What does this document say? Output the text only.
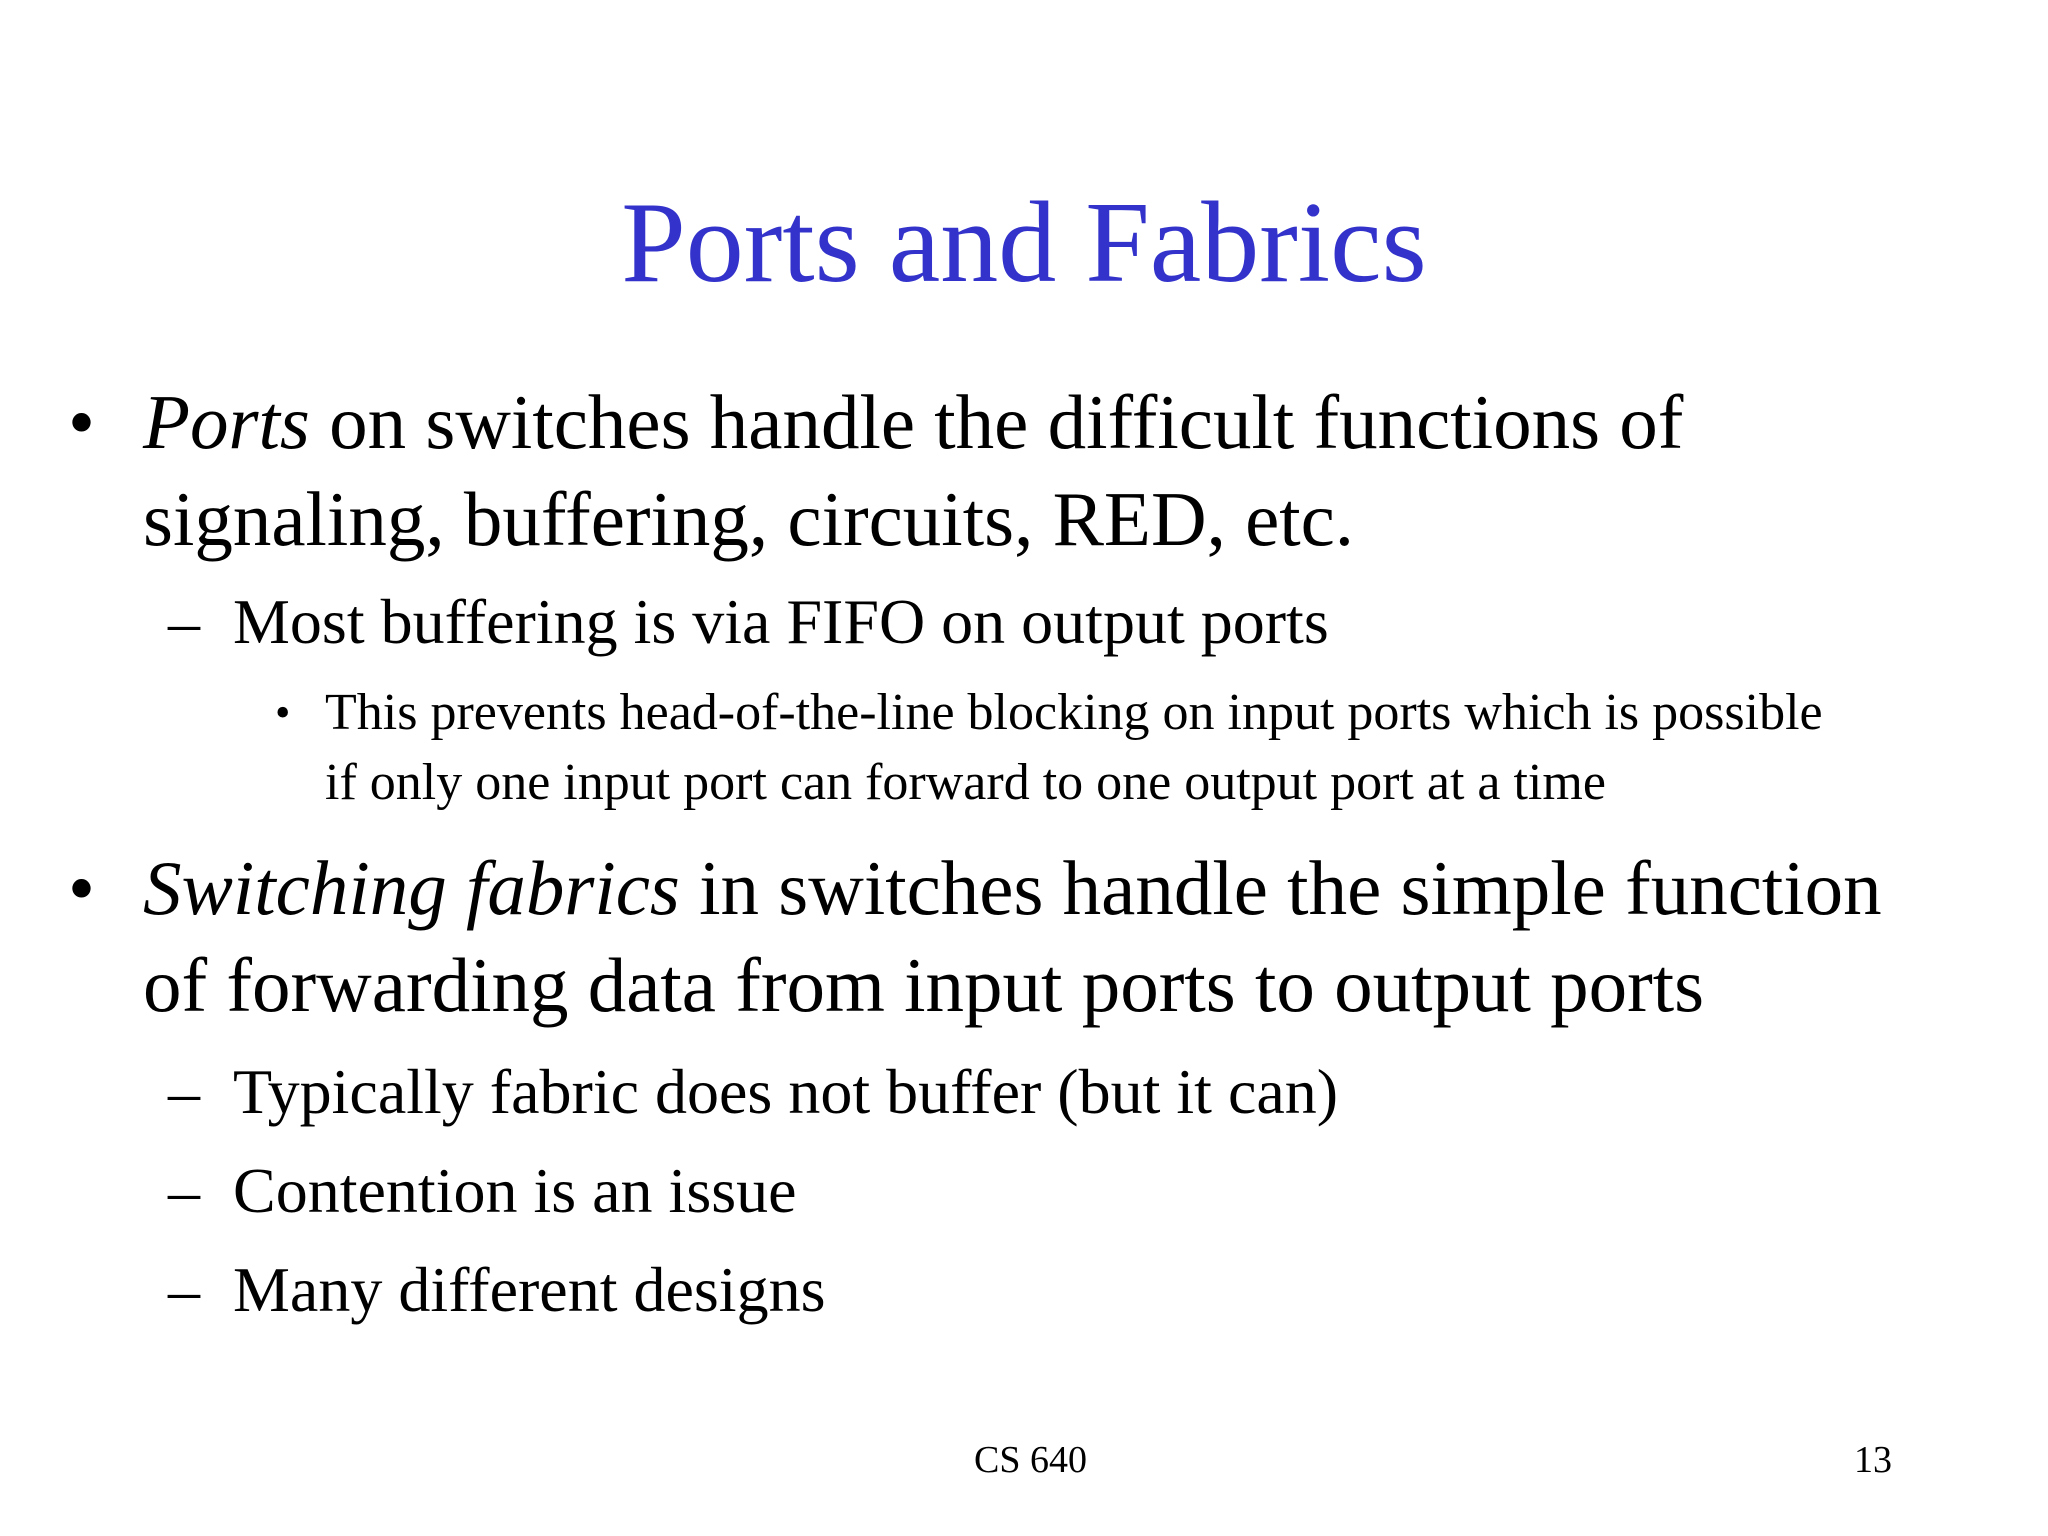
Ports and Fabrics
• Ports on switches handle the difficult functions of
signaling, buffering, circuits, RED, etc.
– Most buffering is via FIFO on output ports
• This prevents head-of-the-line blocking on input ports which is possible
if only one input port can forward to one output port at a time
• Switching fabrics in switches handle the simple function
of forwarding data from input ports to output ports
– Typically fabric does not buffer (but it can)
– Contention is an issue
– Many different designs
CS 640	13
